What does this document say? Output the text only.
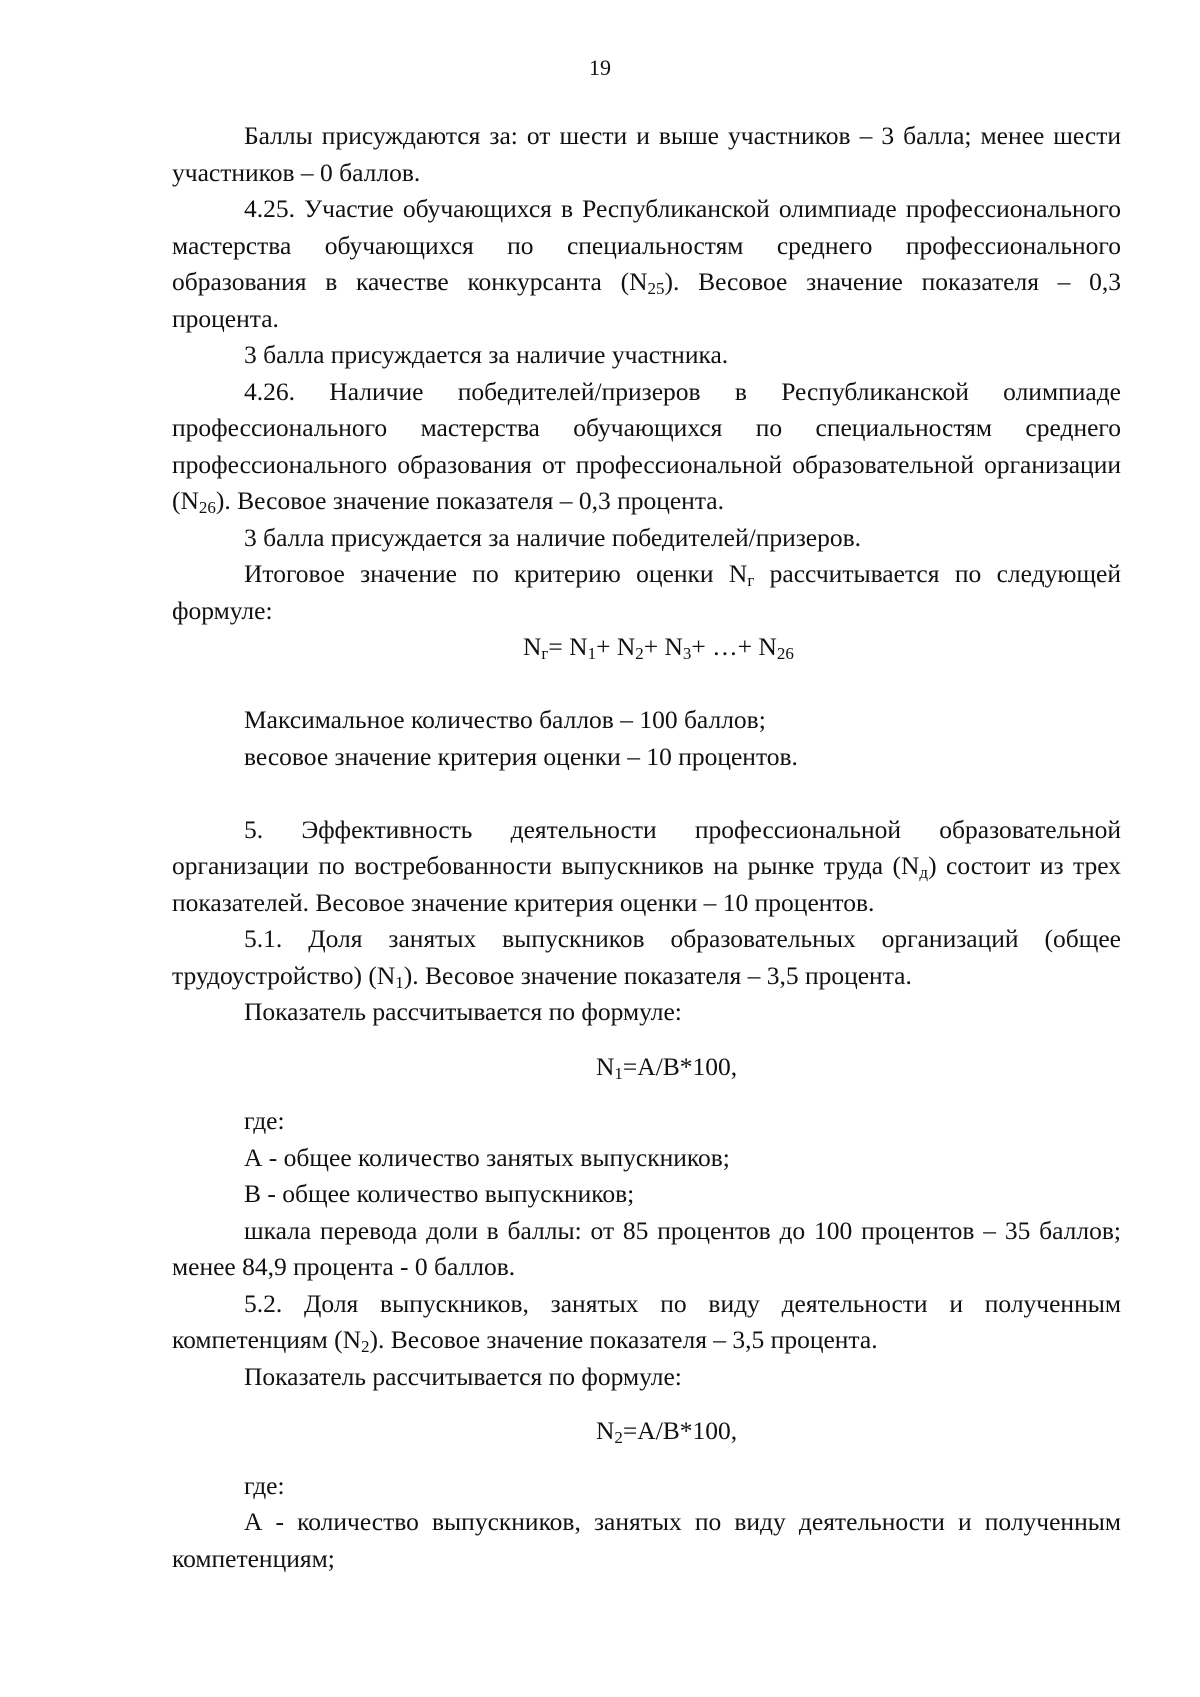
19

Баллы присуждаются за: от шести и выше участников – 3 балла; менее шести участников – 0 баллов.

4.25. Участие обучающихся в Республиканской олимпиаде профессионального мастерства обучающихся по специальностям среднего профессионального образования в качестве конкурсанта $(N_{25})$. Весовое значение показателя – 0,3 процента.

3 балла присуждается за наличие участника.

4.26. Наличие победителей/призеров в Республиканской олимпиаде профессионального мастерства обучающихся по специальностям среднего профессионального образования от профессиональной образовательной организации $(N_{26})$. Весовое значение показателя – 0,3 процента.

3 балла присуждается за наличие победителей/призеров.

Итоговое значение по критерию оценки $N_г$ рассчитывается по следующей формуле:

$N_г= N_1+ N_2+ N_3+$ …+ $N_{26}$

Максимальное количество баллов – 100 баллов;

весовое значение критерия оценки – 10 процентов.

5. Эффективность деятельности профессиональной образовательной организации по востребованности выпускников на рынке труда $(N_д)$ состоит из трех показателей. Весовое значение критерия оценки – 10 процентов.

5.1. Доля занятых выпускников образовательных организаций (общее трудоустройство) $(N_1)$. Весовое значение показателя – 3,5 процента.

Показатель рассчитывается по формуле:

$N_1=А/В*100$,

где:

А - общее количество занятых выпускников;

В - общее количество выпускников;

шкала перевода доли в баллы: от 85 процентов до 100 процентов – 35 баллов; менее 84,9 процента - 0 баллов.

5.2. Доля выпускников, занятых по виду деятельности и полученным компетенциям $(N_2)$. Весовое значение показателя – 3,5 процента.

Показатель рассчитывается по формуле:

$N_2=А/В*100$,

где:

А - количество выпускников, занятых по виду деятельности и полученным компетенциям;
